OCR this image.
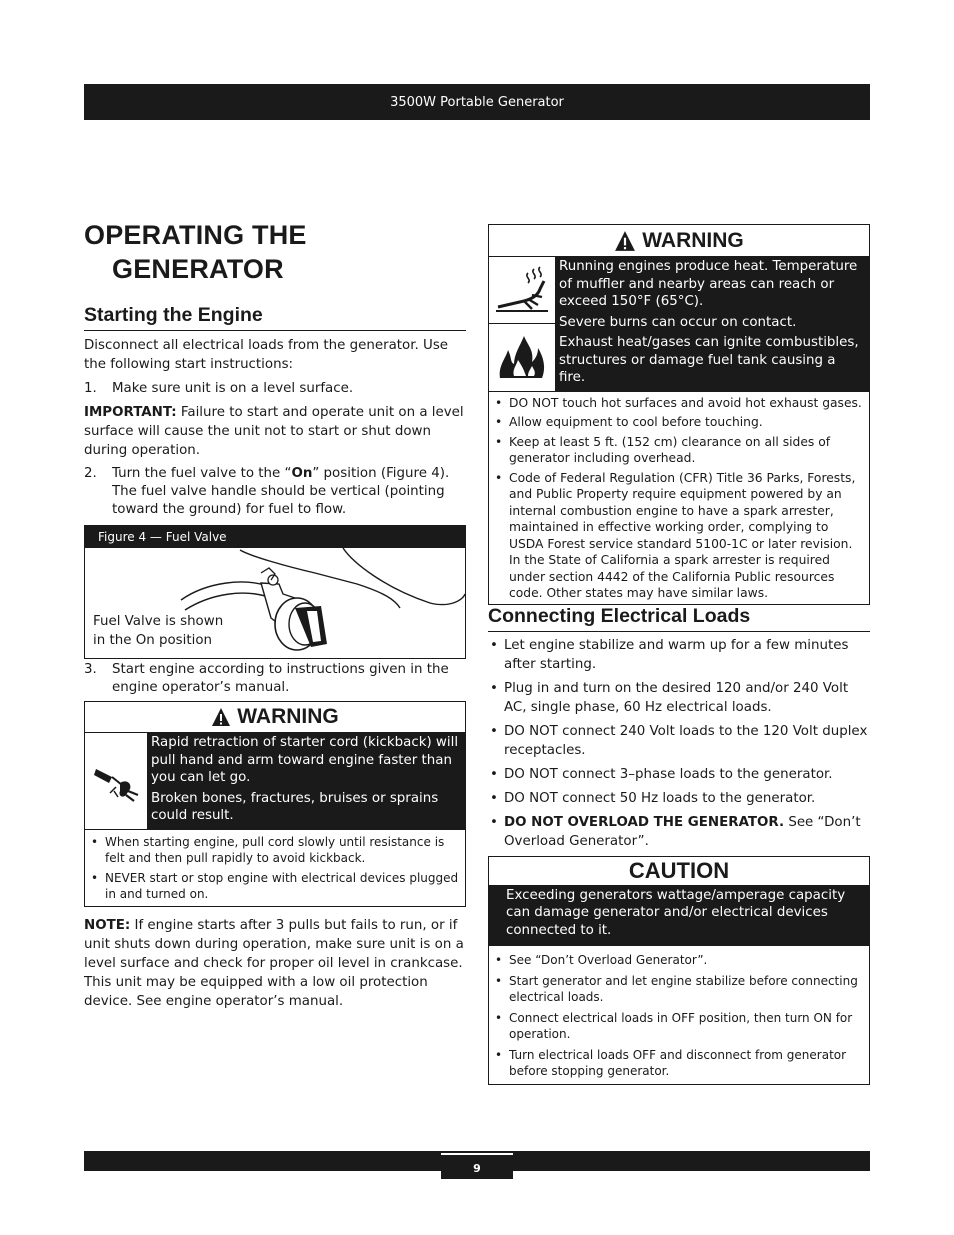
3500W Portable Generator
OPERATING THE
GENERATOR
Starting the Engine

Disconnect all electrical loads from the generator. Use the following start instructions:

1.	Make sure unit is on a level surface.

IMPORTANT: Failure to start and operate unit on a level surface will cause the unit not to start or shut down during operation.

2.	Turn the fuel valve to the “On” position (Figure 4). The fuel valve handle should be vertical (pointing toward the ground) for fuel to flow.
Figure 4 — Fuel Valve
Fuel Valve is shown
in the On position
3.	Start engine according to instructions given in the engine operator’s manual.
WARNING

Rapid retraction of starter cord (kickback) will pull hand and arm toward engine faster than you can let go.

Broken bones, fractures, bruises or sprains could result.

• When starting engine, pull cord slowly until resistance is felt and then pull rapidly to avoid kickback.
• NEVER start or stop engine with electrical devices plugged in and turned on.

NOTE: If engine starts after 3 pulls but fails to run, or if unit shuts down during operation, make sure unit is on a level surface and check for proper oil level in crankcase. This unit may be equipped with a low oil protection device. See engine operator’s manual.

WARNING

Running engines produce heat. Temperature of muffler and nearby areas can reach or exceed 150°F (65°C).

Severe burns can occur on contact.

Exhaust heat/gases can ignite combustibles, structures or damage fuel tank causing a fire.

• DO NOT touch hot surfaces and avoid hot exhaust gases.
• Allow equipment to cool before touching.
• Keep at least 5 ft. (152 cm) clearance on all sides of generator including overhead.
• Code of Federal Regulation (CFR) Title 36 Parks, Forests, and Public Property require equipment powered by an internal combustion engine to have a spark arrester, maintained in effective working order, complying to USDA Forest service standard 5100-1C or later revision. In the State of California a spark arrester is required under section 4442 of the California Public resources code. Other states may have similar laws.
Connecting Electrical Loads
• Let engine stabilize and warm up for a few minutes after starting.
• Plug in and turn on the desired 120 and/or 240 Volt AC, single phase, 60 Hz electrical loads.
• DO NOT connect 240 Volt loads to the 120 Volt duplex receptacles.
• DO NOT connect 3–phase loads to the generator.
• DO NOT connect 50 Hz loads to the generator.
• DO NOT OVERLOAD THE GENERATOR. See “Don’t Overload Generator”.
CAUTION
Exceeding generators wattage/amperage capacity can damage generator and/or electrical devices connected to it.
• See “Don’t Overload Generator”.
• Start generator and let engine stabilize before connecting electrical loads.
• Connect electrical loads in OFF position, then turn ON for operation.
• Turn electrical loads OFF and disconnect from generator before stopping generator.
9
